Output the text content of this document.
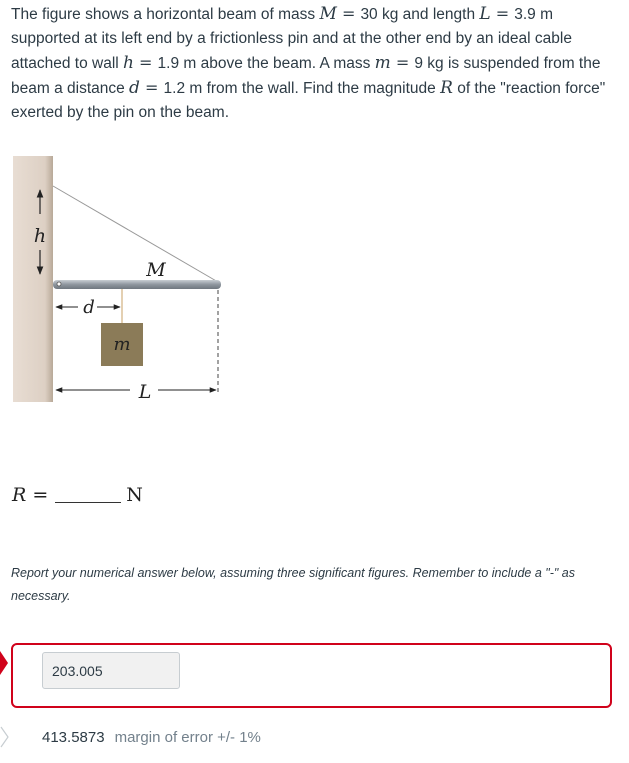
The figure shows a horizontal beam of mass M = 30 kg and length L = 3.9 m supported at its left end by a frictionless pin and at the other end by an ideal cable attached to wall h = 1.9 m above the beam. A mass m = 9 kg is suspended from the beam a distance d = 1.2 m from the wall. Find the magnitude R of the "reaction force" exerted by the pin on the beam.

h
M
d
m
L
R =	N
Report your numerical answer below, assuming three significant figures. Remember to include a "-" as necessary.
203.005
413.5873 margin of error +/- 1%
